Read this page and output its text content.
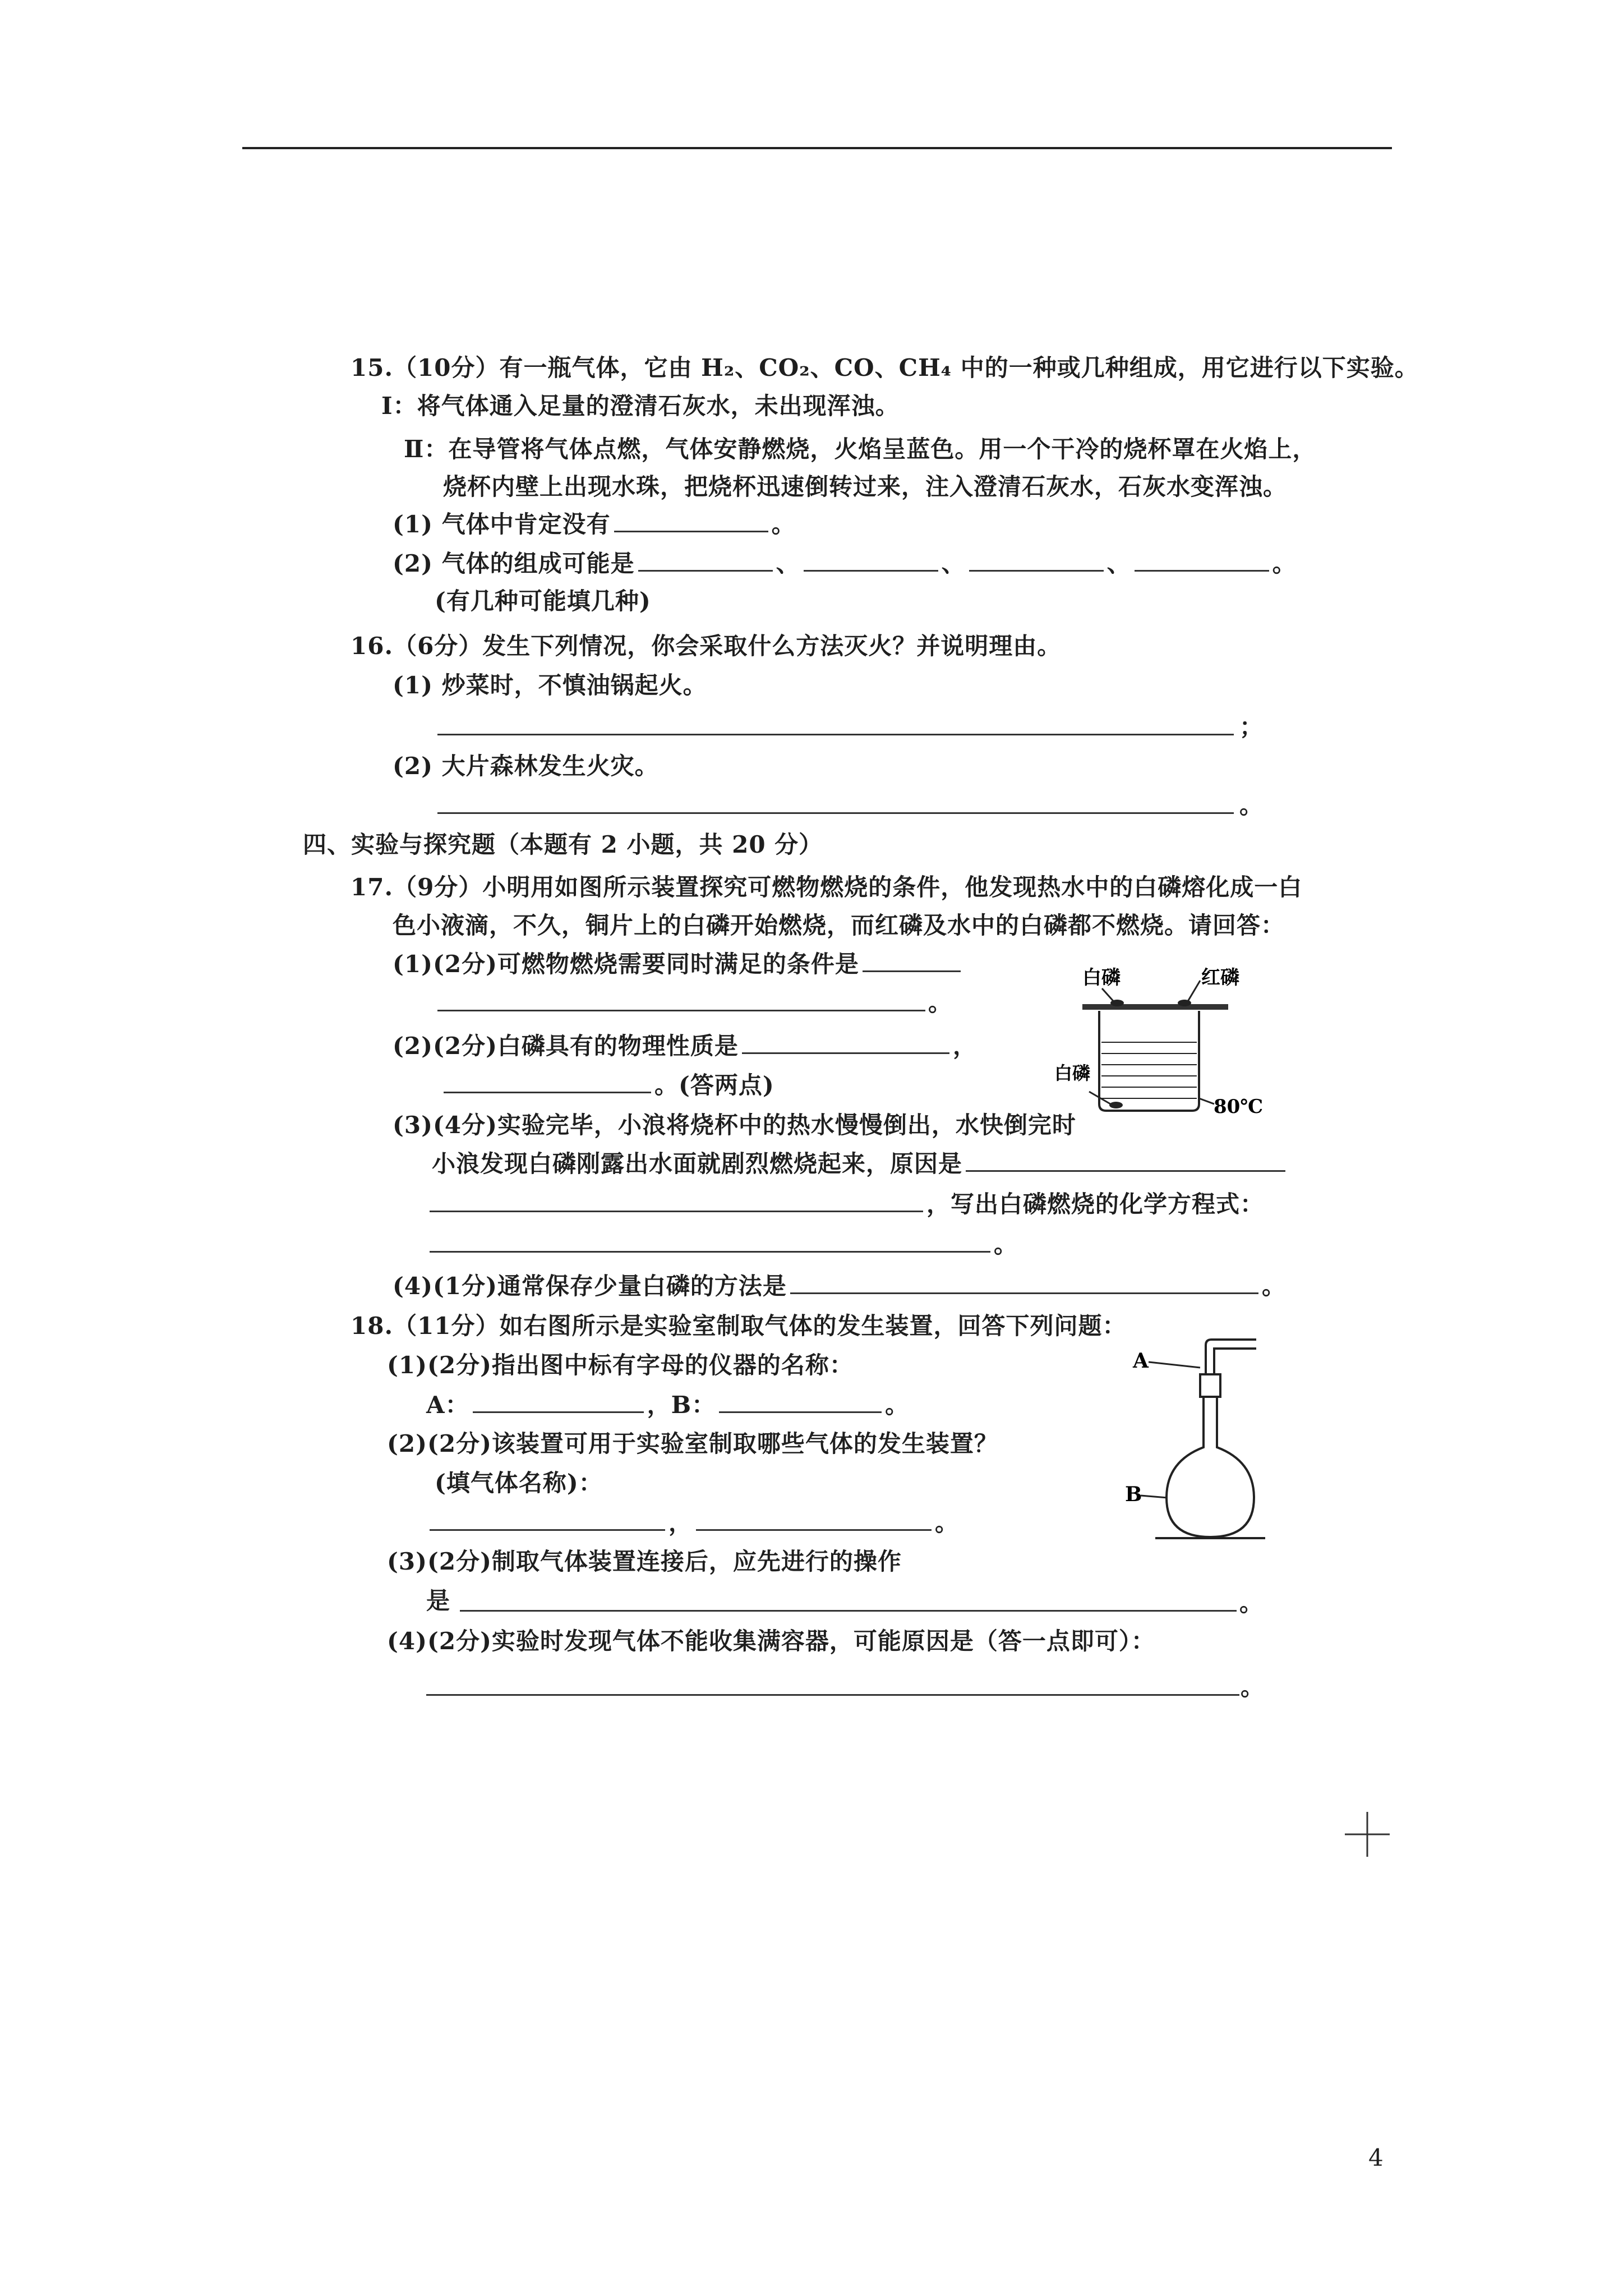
15.（10分）有一瓶气体，它由 H₂、CO₂、CO、CH₄ 中的一种或几种组成，用它进行以下实验。
Ⅰ：将气体通入足量的澄清石灰水，未出现浑浊。
Ⅱ：在导管将气体点燃，气体安静燃烧，火焰呈蓝色。用一个干冷的烧杯罩在火焰上，
烧杯内壁上出现水珠，把烧杯迅速倒转过来，注入澄清石灰水，石灰水变浑浊。
(1) 气体中肯定没有	。
(2) 气体的组成可能是	、	、	、	。
(有几种可能填几种)
16.（6分）发生下列情况，你会采取什么方法灭火？并说明理由。
(1) 炒菜时，不慎油锅起火。
；
(2) 大片森林发生火灾。
。
四、实验与探究题（本题有 2 小题，共 20 分）
17.（9分）小明用如图所示装置探究可燃物燃烧的条件，他发现热水中的白磷熔化成一白
色小液滴，不久，铜片上的白磷开始燃烧，而红磷及水中的白磷都不燃烧。请回答：
(1)(2分)可燃物燃烧需要同时满足的条件是
。
(2)(2分)白磷具有的物理性质是	，
。(答两点)
(3)(4分)实验完毕，小浪将烧杯中的热水慢慢倒出，水快倒完时
小浪发现白磷刚露出水面就剧烈燃烧起来，原因是
，写出白磷燃烧的化学方程式：
。
(4)(1分)通常保存少量白磷的方法是	。
白磷	红磷
白磷
80℃
18.（11分）如右图所示是实验室制取气体的发生装置，回答下列问题：
(1)(2分)指出图中标有字母的仪器的名称：
A：	，B：	。
(2)(2分)该装置可用于实验室制取哪些气体的发生装置？
(填气体名称)：
，	。
(3)(2分)制取气体装置连接后，应先进行的操作
是	。
(4)(2分)实验时发现气体不能收集满容器，可能原因是（答一点即可）：
。
A
B
4
